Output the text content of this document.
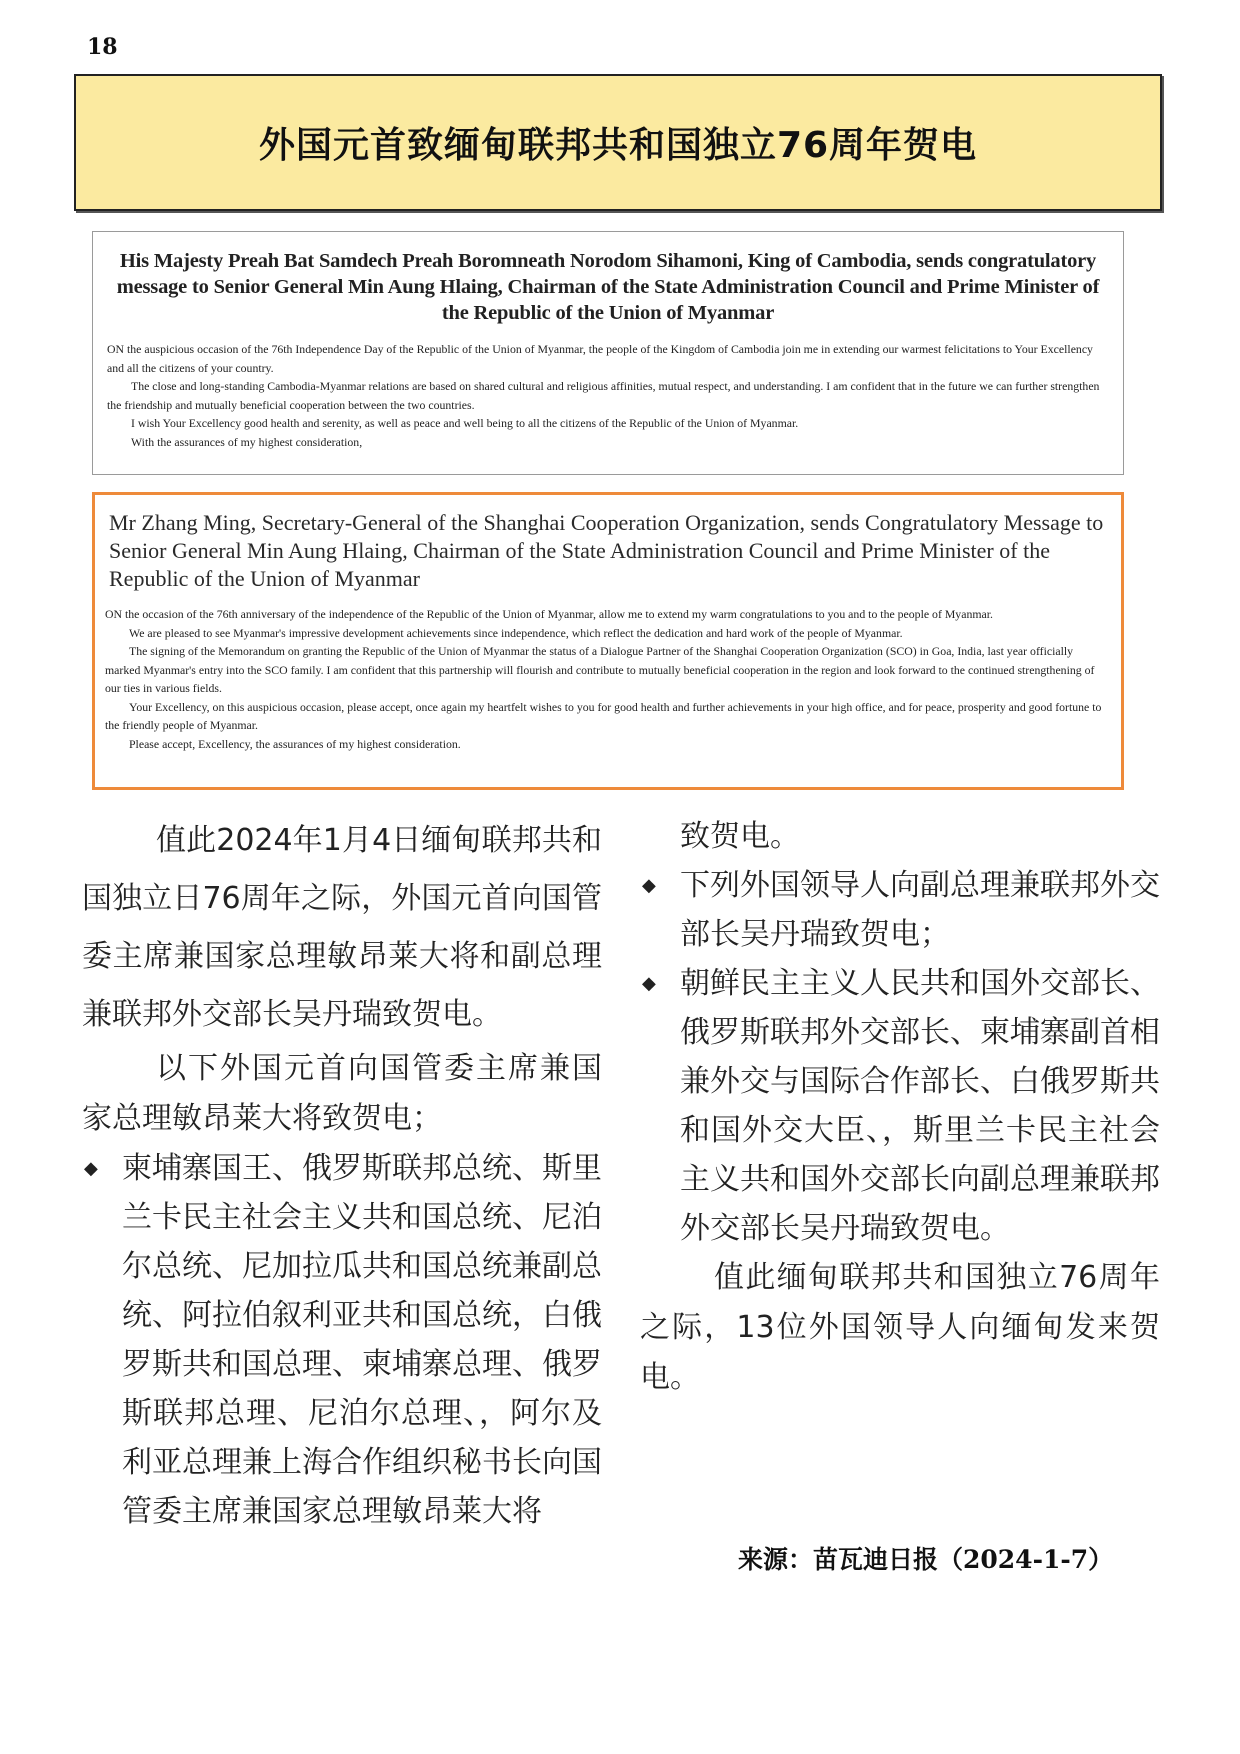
18
外国元首致缅甸联邦共和国独立76周年贺电
His Majesty Preah Bat Samdech Preah Boromneath Norodom Sihamoni, King of Cambodia, sends congratulatory message to Senior General Min Aung Hlaing, Chairman of the State Administration Council and Prime Minister of the Republic of the Union of Myanmar

ON the auspicious occasion of the 76th Independence Day of the Republic of the Union of Myanmar, the people of the Kingdom of Cambodia join me in extending our warmest felicitations to Your Excellency and all the citizens of your country.

The close and long-standing Cambodia-Myanmar relations are based on shared cultural and religious affinities, mutual respect, and understanding. I am confident that in the future we can further strengthen the friendship and mutually beneficial cooperation between the two countries.

I wish Your Excellency good health and serenity, as well as peace and well being to all the citizens of the Republic of the Union of Myanmar.

With the assurances of my highest consideration,

Mr Zhang Ming, Secretary-General of the Shanghai Cooperation Organization, sends Congratulatory Message to Senior General Min Aung Hlaing, Chairman of the State Administration Council and Prime Minister of the Republic of the Union of Myanmar

ON the occasion of the 76th anniversary of the independence of the Republic of the Union of Myanmar, allow me to extend my warm congratulations to you and to the people of Myanmar.

We are pleased to see Myanmar's impressive development achievements since independence, which reflect the dedication and hard work of the people of Myanmar.

The signing of the Memorandum on granting the Republic of the Union of Myanmar the status of a Dialogue Partner of the Shanghai Cooperation Organization (SCO) in Goa, India, last year officially marked Myanmar's entry into the SCO family. I am confident that this partnership will flourish and contribute to mutually beneficial cooperation in the region and look forward to the continued strengthening of our ties in various fields.

Your Excellency, on this auspicious occasion, please accept, once again my heartfelt wishes to you for good health and further achievements in your high office, and for peace, prosperity and good fortune to the friendly people of Myanmar.

Please accept, Excellency, the assurances of my highest consideration.

值此2024年1月4日缅甸联邦共和国独立日76周年之际，外国元首向国管委主席兼国家总理敏昂莱大将和副总理兼联邦外交部长吴丹瑞致贺电。
以下外国元首向国管委主席兼国家总理敏昂莱大将致贺电；
◆ 柬埔寨国王、俄罗斯联邦总统、斯里兰卡民主社会主义共和国总统、尼泊尔总统、尼加拉瓜共和国总统兼副总统、阿拉伯叙利亚共和国总统，白俄罗斯共和国总理、柬埔寨总理、俄罗斯联邦总理、尼泊尔总理、，阿尔及利亚总理兼上海合作组织秘书长向国管委主席兼国家总理敏昂莱大将
致贺电。
◆ 下列外国领导人向副总理兼联邦外交部长吴丹瑞致贺电；
◆ 朝鲜民主主义人民共和国外交部长、俄罗斯联邦外交部长、柬埔寨副首相兼外交与国际合作部长、白俄罗斯共和国外交大臣、，斯里兰卡民主社会主义共和国外交部长向副总理兼联邦外交部长吴丹瑞致贺电。
值此缅甸联邦共和国独立76周年之际，13位外国领导人向缅甸发来贺电。
来源：苗瓦迪日报（2024-1-7）
